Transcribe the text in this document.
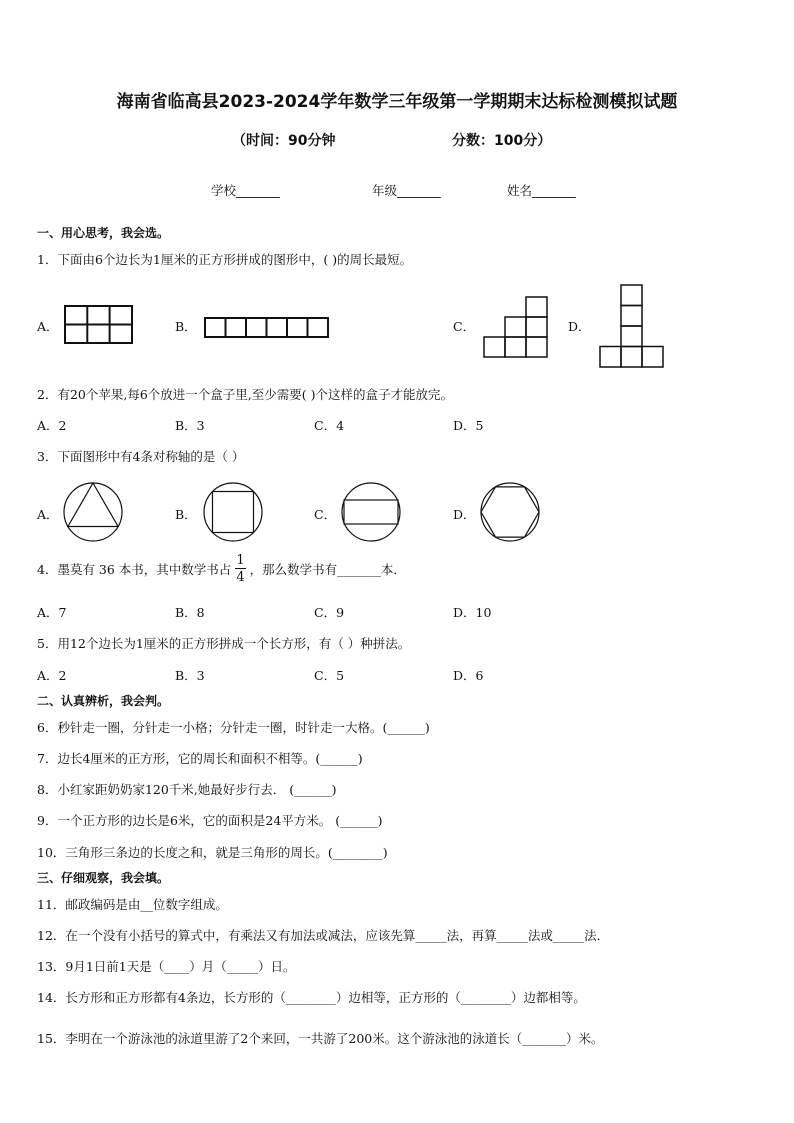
海南省临高县2023-2024学年数学三年级第一学期期末达标检测模拟试题
（时间：90分钟	分数：100分）
学校_______	年级_______	姓名_______
一、用心思考，我会选。
1．下面由6个边长为1厘米的正方形拼成的图形中，( )的周长最短。
A．	B．	C．	D．
2．有20个苹果,每6个放进一个盒子里,至少需要( )个这样的盒子才能放完。
A．2	B．3	C．4	D．5
3．下面图形中有4条对称轴的是（ ）
A．	B．	C．	D．
4．墨莫有 36 本书，其中数学书占 $\frac{1}{4}$ ，那么数学书有_______本．
A．7	B．8	C．9	D．10
5．用12个边长为1厘米的正方形拼成一个长方形，有（ ）种拼法。
A．2	B．3	C．5	D．6
二、认真辨析，我会判。
6．秒针走一圈，分针走一小格；分针走一圈，时针走一大格。(______)
7．边长4厘米的正方形，它的周长和面积不相等。(______)
8．小红家距奶奶家120千米,她最好步行去． (______)
9．一个正方形的边长是6米，它的面积是24平方米。 (______)
10．三角形三条边的长度之和，就是三角形的周长。(________)
三、仔细观察，我会填。
11．邮政编码是由__位数字组成。
12．在一个没有小括号的算式中，有乘法又有加法或减法，应该先算_____法，再算_____法或_____法．
13．9月1日前1天是（____）月（_____）日。
14．长方形和正方形都有4条边，长方形的（________）边相等，正方形的（________）边都相等。
15．李明在一个游泳池的泳道里游了2个来回，一共游了200米。这个游泳池的泳道长（_______）米。
